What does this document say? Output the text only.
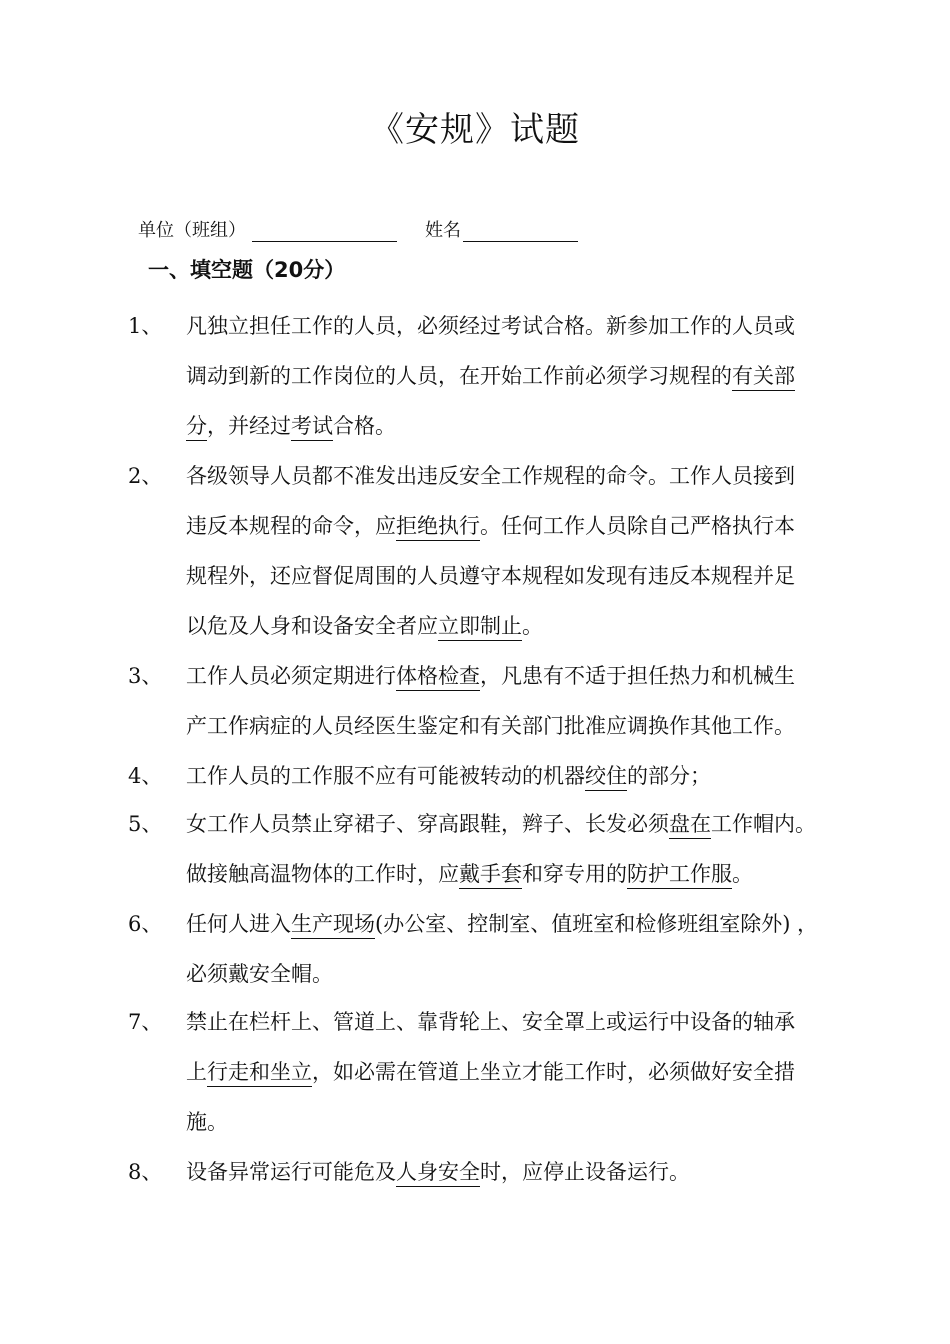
《安规》试题
单位（班组）	姓名
一、填空题（20分）
1、	凡独立担任工作的人员，必须经过考试合格。新参加工作的人员或
调动到新的工作岗位的人员，在开始工作前必须学习规程的有关部
分，并经过考试合格。
2、	各级领导人员都不准发出违反安全工作规程的命令。工作人员接到
违反本规程的命令，应拒绝执行。任何工作人员除自己严格执行本
规程外，还应督促周围的人员遵守本规程如发现有违反本规程并足
以危及人身和设备安全者应立即制止。
3、	工作人员必须定期进行体格检查，凡患有不适于担任热力和机械生
产工作病症的人员经医生鉴定和有关部门批准应调换作其他工作。
4、	工作人员的工作服不应有可能被转动的机器绞住的部分；
5、	女工作人员禁止穿裙子、穿高跟鞋，辫子、长发必须盘在工作帽内。
做接触高温物体的工作时，应戴手套和穿专用的防护工作服。
6、	任何人进入生产现场(办公室、控制室、值班室和检修班组室除外) ，
必须戴安全帽。
7、	禁止在栏杆上、管道上、靠背轮上、安全罩上或运行中设备的轴承
上行走和坐立，如必需在管道上坐立才能工作时，必须做好安全措
施。
8、	设备异常运行可能危及人身安全时，应停止设备运行。
